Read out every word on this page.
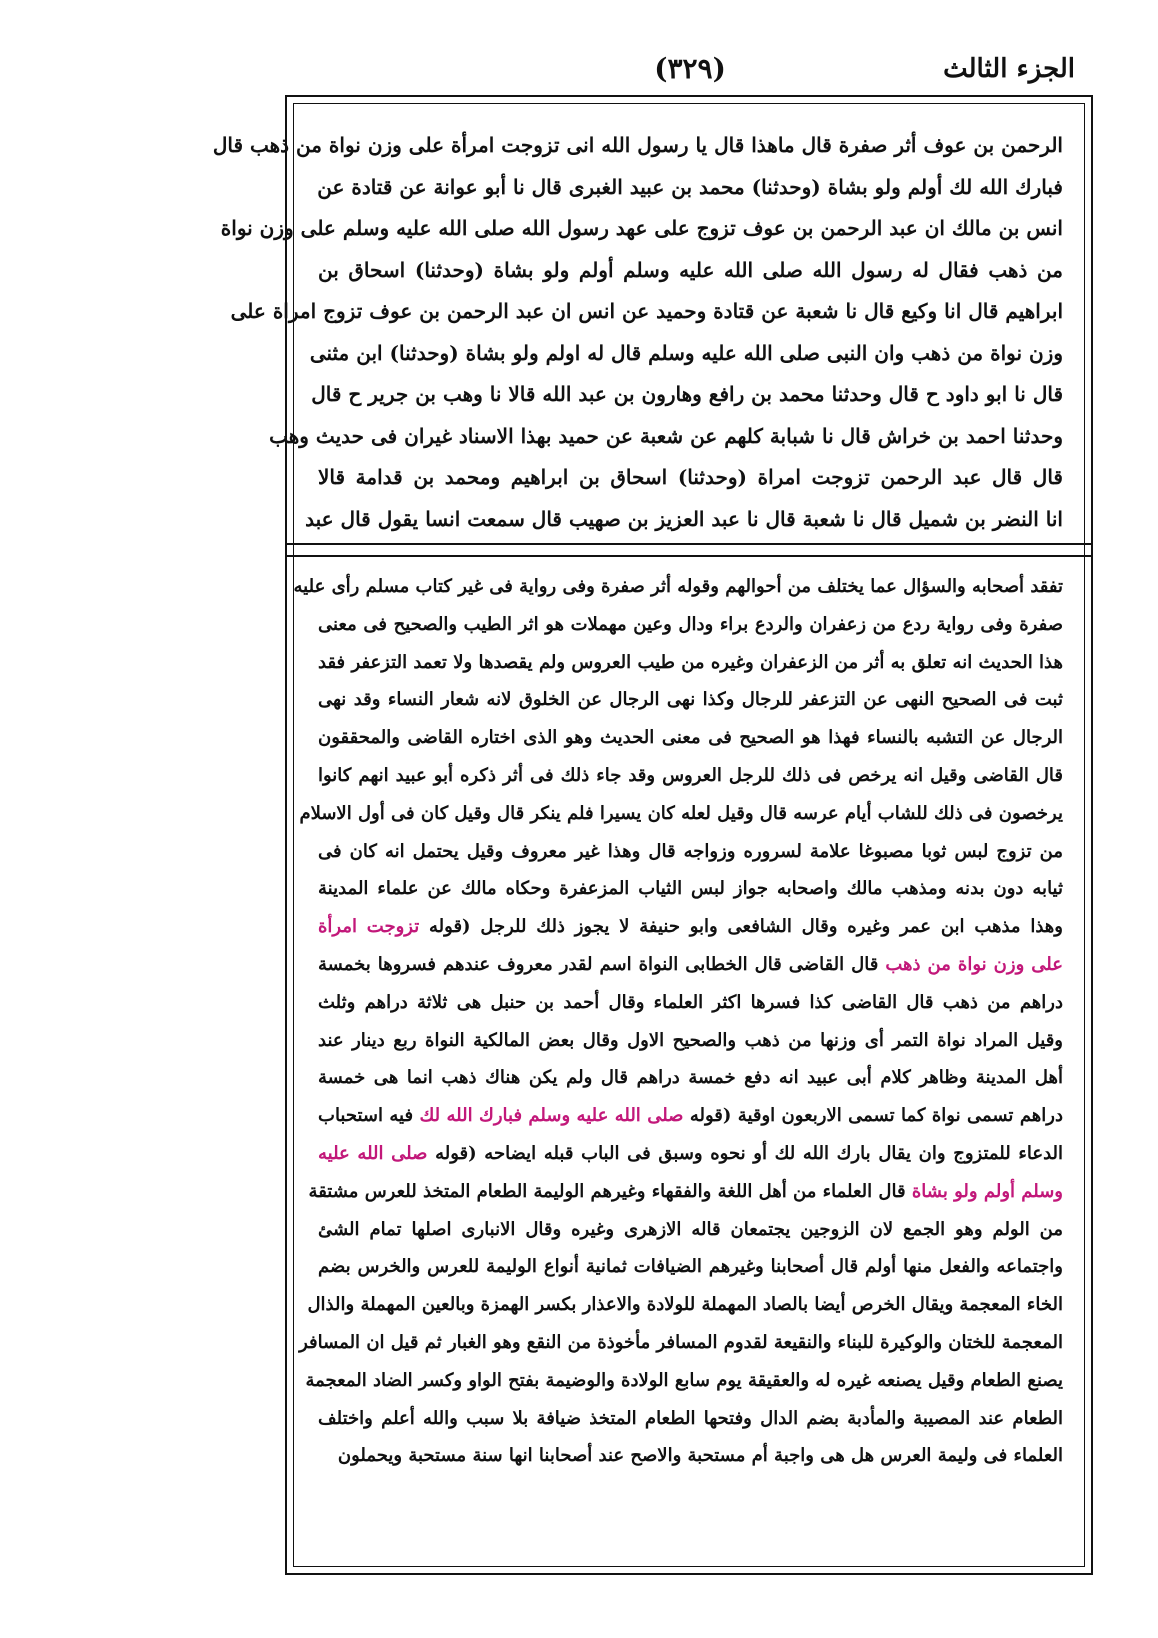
الجزء الثالث
(٣٢٩)
الرحمن بن عوف أثر صفرة قال ماهذا قال يا رسول الله انى تزوجت امرأة على وزن نواة من ذهب قال
فبارك الله لك أولم ولو بشاة (وحدثنا) محمد بن عبيد الغبرى قال نا أبو عوانة عن قتادة عن
انس بن مالك ان عبد الرحمن بن عوف تزوج على عهد رسول الله صلى الله عليه وسلم على وزن نواة
من ذهب فقال له رسول الله صلى الله عليه وسلم أولم ولو بشاة (وحدثنا) اسحاق بن
ابراهيم قال انا وكيع قال نا شعبة عن قتادة وحميد عن انس ان عبد الرحمن بن عوف تزوج امراة على
وزن نواة من ذهب وان النبى صلى الله عليه وسلم قال له اولم ولو بشاة (وحدثنا) ابن مثنى
قال نا ابو داود ح قال وحدثنا محمد بن رافع وهارون بن عبد الله قالا نا وهب بن جرير ح قال
وحدثنا احمد بن خراش قال نا شبابة كلهم عن شعبة عن حميد بهذا الاسناد غيران فى حديث وهب
قال قال عبد الرحمن تزوجت امراة (وحدثنا) اسحاق بن ابراهيم ومحمد بن قدامة قالا
انا النضر بن شميل قال نا شعبة قال نا عبد العزيز بن صهيب قال سمعت انسا يقول قال عبد
تفقد أصحابه والسؤال عما يختلف من أحوالهم وقوله أثر صفرة وفى رواية فى غير كتاب مسلم رأى عليه
صفرة وفى رواية ردع من زعفران والردع براء ودال وعين مهملات هو اثر الطيب والصحيح فى معنى
هذا الحديث انه تعلق به أثر من الزعفران وغيره من طيب العروس ولم يقصدها ولا تعمد التزعفر فقد
ثبت فى الصحيح النهى عن التزعفر للرجال وكذا نهى الرجال عن الخلوق لانه شعار النساء وقد نهى
الرجال عن التشبه بالنساء فهذا هو الصحيح فى معنى الحديث وهو الذى اختاره القاضى والمحققون
قال القاضى وقيل انه يرخص فى ذلك للرجل العروس وقد جاء ذلك فى أثر ذكره أبو عبيد انهم كانوا
يرخصون فى ذلك للشاب أيام عرسه قال وقيل لعله كان يسيرا فلم ينكر قال وقيل كان فى أول الاسلام
من تزوج لبس ثوبا مصبوغا علامة لسروره وزواجه قال وهذا غير معروف وقيل يحتمل انه كان فى
ثيابه دون بدنه ومذهب مالك واصحابه جواز لبس الثياب المزعفرة وحكاه مالك عن علماء المدينة
وهذا مذهب ابن عمر وغيره وقال الشافعى وابو حنيفة لا يجوز ذلك للرجل (قوله تزوجت امرأة
على وزن نواة من ذهب قال القاضى قال الخطابى النواة اسم لقدر معروف عندهم فسروها بخمسة
دراهم من ذهب قال القاضى كذا فسرها اكثر العلماء وقال أحمد بن حنبل هى ثلاثة دراهم وثلث
وقيل المراد نواة التمر أى وزنها من ذهب والصحيح الاول وقال بعض المالكية النواة ربع دينار عند
أهل المدينة وظاهر كلام أبى عبيد انه دفع خمسة دراهم قال ولم يكن هناك ذهب انما هى خمسة
دراهم تسمى نواة كما تسمى الاربعون اوقية (قوله صلى الله عليه وسلم فبارك الله لك فيه استحباب
الدعاء للمتزوج وان يقال بارك الله لك أو نحوه وسبق فى الباب قبله ايضاحه (قوله صلى الله عليه
وسلم أولم ولو بشاة قال العلماء من أهل اللغة والفقهاء وغيرهم الوليمة الطعام المتخذ للعرس مشتقة
من الولم وهو الجمع لان الزوجين يجتمعان قاله الازهرى وغيره وقال الانبارى اصلها تمام الشئ
واجتماعه والفعل منها أولم قال أصحابنا وغيرهم الضيافات ثمانية أنواع الوليمة للعرس والخرس بضم
الخاء المعجمة ويقال الخرص أيضا بالصاد المهملة للولادة والاعذار بكسر الهمزة وبالعين المهملة والذال
المعجمة للختان والوكيرة للبناء والنقيعة لقدوم المسافر مأخوذة من النقع وهو الغبار ثم قيل ان المسافر
يصنع الطعام وقيل يصنعه غيره له والعقيقة يوم سابع الولادة والوضيمة بفتح الواو وكسر الضاد المعجمة
الطعام عند المصيبة والمأدبة بضم الدال وفتحها الطعام المتخذ ضيافة بلا سبب والله أعلم واختلف
العلماء فى وليمة العرس هل هى واجبة أم مستحبة والاصح عند أصحابنا انها سنة مستحبة ويحملون
